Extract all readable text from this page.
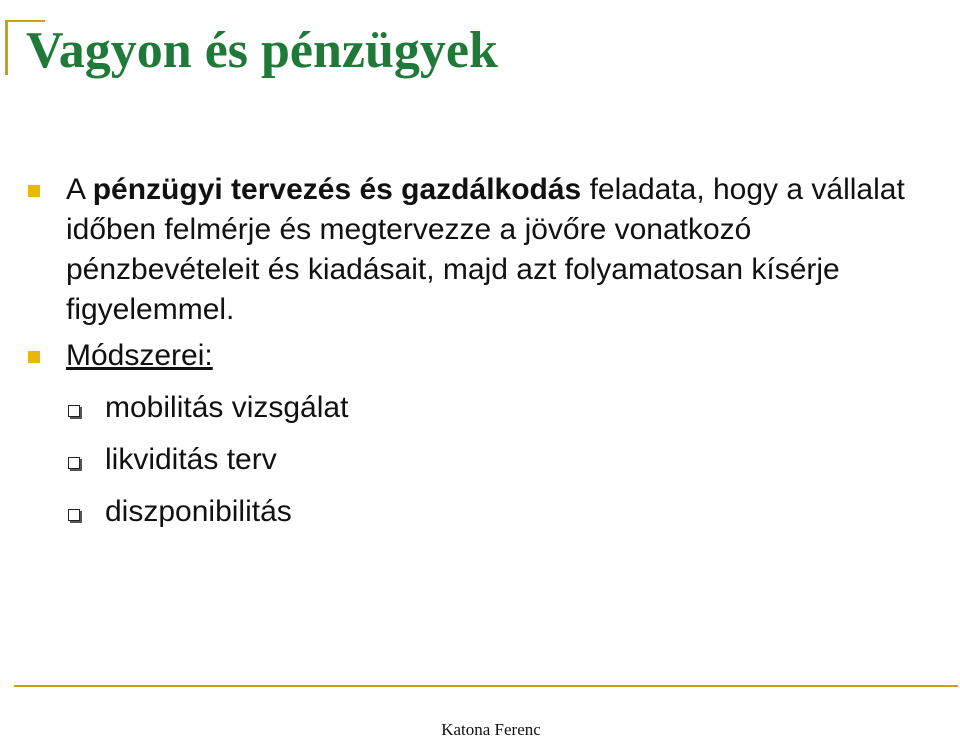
Vagyon és pénzügyek
A pénzügyi tervezés és gazdálkodás feladata, hogy a vállalat időben felmérje és megtervezze a jövőre vonatkozó pénzbevételeit és kiadásait, majd azt folyamatosan kísérje figyelemmel.
Módszerei:
mobilitás vizsgálat
likviditás terv
diszponibilitás
Katona Ferenc
